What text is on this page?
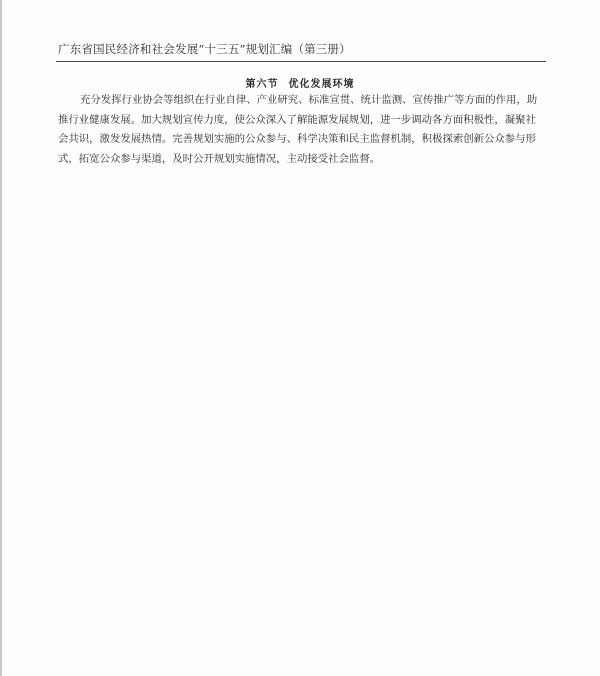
广东省国民经济和社会发展“十三五”规划汇编（第三册）
第六节 优化发展环境
充分发挥行业协会等组织在行业自律、产业研究、标准宣贯、统计监测、宣传推广等方面的作用，助
推行业健康发展。加大规划宣传力度，使公众深入了解能源发展规划，进一步调动各方面积极性，凝聚社
会共识，激发发展热情。完善规划实施的公众参与、科学决策和民主监督机制，积极探索创新公众参与形
式，拓宽公众参与渠道，及时公开规划实施情况，主动接受社会监督。
